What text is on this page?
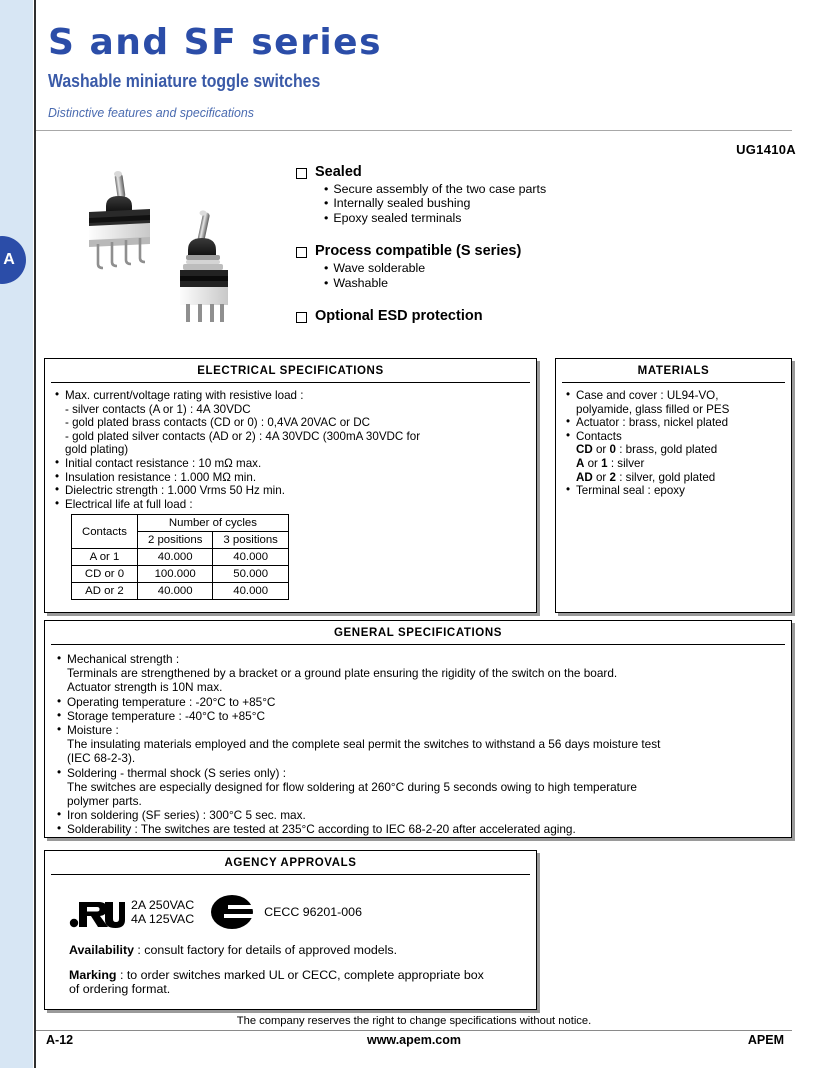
S and SF series
Washable miniature toggle switches
Distinctive features and specifications
UG1410A
A
Sealed
• Secure assembly of the two case parts
• Internally sealed bushing
• Epoxy sealed terminals
Process compatible (S series)
• Wave solderable
• Washable
Optional ESD protection
ELECTRICAL SPECIFICATIONS
• Max. current/voltage rating with resistive load :
- silver contacts (A or 1) : 4A 30VDC
- gold plated brass contacts (CD or 0) : 0,4VA 20VAC or DC
- gold plated silver contacts (AD or 2) : 4A 30VDC (300mA 30VDC for
gold plating)
• Initial contact resistance : 10 mΩ max.
• Insulation resistance : 1.000 MΩ min.
• Dielectric strength : 1.000 Vrms 50 Hz min.
• Electrical life at full load :
Contacts	Number of cycles	
	2 positions	3 positions
A or 1	40.000	40.000
CD or 0	100.000	50.000
AD or 2	40.000	40.000
MATERIALS
• Case and cover : UL94-VO,
polyamide, glass filled or PES
• Actuator : brass, nickel plated
• Contacts
CD or 0 : brass, gold plated
A or 1 : silver
AD or 2 : silver, gold plated
• Terminal seal : epoxy
GENERAL SPECIFICATIONS
• Mechanical strength :
Terminals are strengthened by a bracket or a ground plate ensuring the rigidity of the switch on the board.
Actuator strength is 10N max.
• Operating temperature : -20°C to +85°C
• Storage temperature : -40°C to +85°C
• Moisture :
The insulating materials employed and the complete seal permit the switches to withstand a 56 days moisture test
(IEC 68-2-3).
• Soldering - thermal shock (S series only) :
The switches are especially designed for flow soldering at 260°C during 5 seconds owing to high temperature
polymer parts.
• Iron soldering (SF series) : 300°C 5 sec. max.
• Solderability : The switches are tested at 235°C according to IEC 68-2-20 after accelerated aging.
AGENCY APPROVALS
2A 250VAC
4A 125VAC	CECC 96201-006
Availability : consult factory for details of approved models.
Marking : to order switches marked UL or CECC, complete appropriate box
of ordering format.
The company reserves the right to change specifications without notice.
A-12	www.apem.com	APEM
